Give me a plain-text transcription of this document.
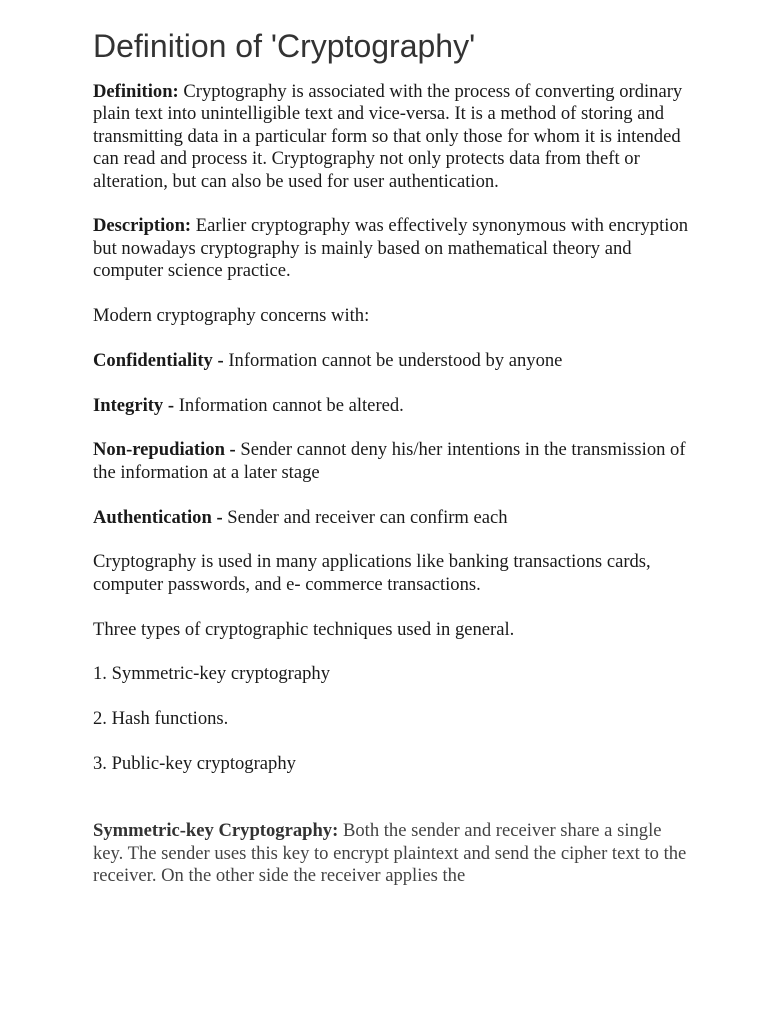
Definition of 'Cryptography'

Definition: Cryptography is associated with the process of converting ordinary plain text into unintelligible text and vice-versa. It is a method of storing and transmitting data in a particular form so that only those for whom it is intended can read and process it. Cryptography not only protects data from theft or alteration, but can also be used for user authentication.

Description: Earlier cryptography was effectively synonymous with encryption but nowadays cryptography is mainly based on mathematical theory and computer science practice.

Modern cryptography concerns with:

Confidentiality - Information cannot be understood by anyone

Integrity - Information cannot be altered.

Non-repudiation - Sender cannot deny his/her intentions in the transmission of the information at a later stage

Authentication - Sender and receiver can confirm each

Cryptography is used in many applications like banking transactions cards, computer passwords, and e- commerce transactions.

Three types of cryptographic techniques used in general.

1. Symmetric-key cryptography

2. Hash functions.

3. Public-key cryptography

Symmetric-key Cryptography: Both the sender and receiver share a single key. The sender uses this key to encrypt plaintext and send the cipher text to the receiver. On the other side the receiver applies the
